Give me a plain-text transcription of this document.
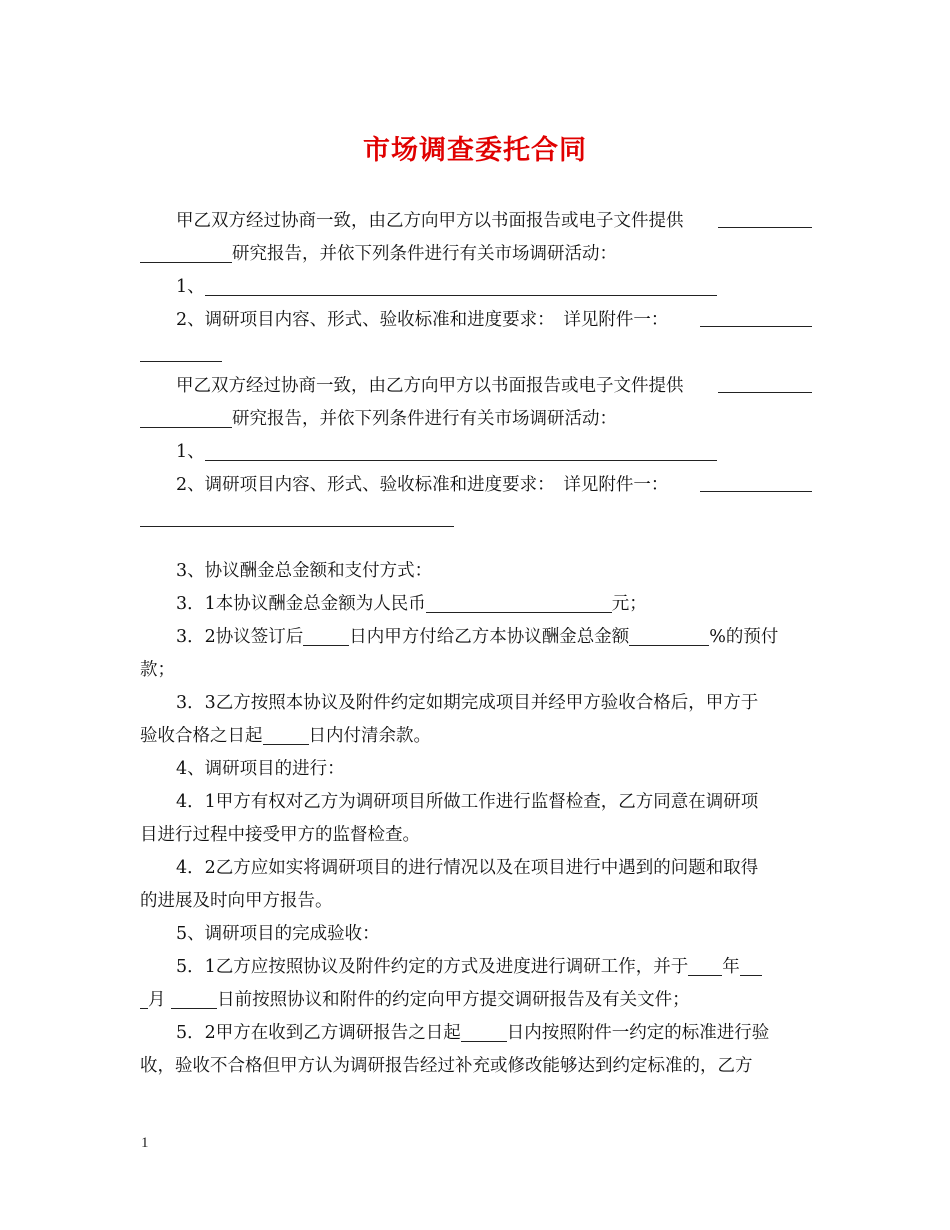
市场调查委托合同
甲乙双方经过协商一致，由乙方向甲方以书面报告或电子文件提供
研究报告，并依下列条件进行有关市场调研活动：
1、
2、调研项目内容、形式、验收标准和进度要求：　详见附件一：
甲乙双方经过协商一致，由乙方向甲方以书面报告或电子文件提供
研究报告，并依下列条件进行有关市场调研活动：
1、
2、调研项目内容、形式、验收标准和进度要求：　详见附件一：
3、协议酬金总金额和支付方式：
3．1本协议酬金总金额为人民币	元；
3．2协议签订后	日内甲方付给乙方本协议酬金总金额	%的预付
款；
3．3乙方按照本协议及附件约定如期完成项目并经甲方验收合格后，甲方于
验收合格之日起	日内付清余款。
4、调研项目的进行：
4．1甲方有权对乙方为调研项目所做工作进行监督检查，乙方同意在调研项
目进行过程中接受甲方的监督检查。
4．2乙方应如实将调研项目的进行情况以及在项目进行中遇到的问题和取得
的进展及时向甲方报告。
5、调研项目的完成验收：
5．1乙方应按照协议及附件约定的方式及进度进行调研工作，并于 年
月	日前按照协议和附件的约定向甲方提交调研报告及有关文件；
5．2甲方在收到乙方调研报告之日起	日内按照附件一约定的标准进行验
收，验收不合格但甲方认为调研报告经过补充或修改能够达到约定标准的，乙方
1
